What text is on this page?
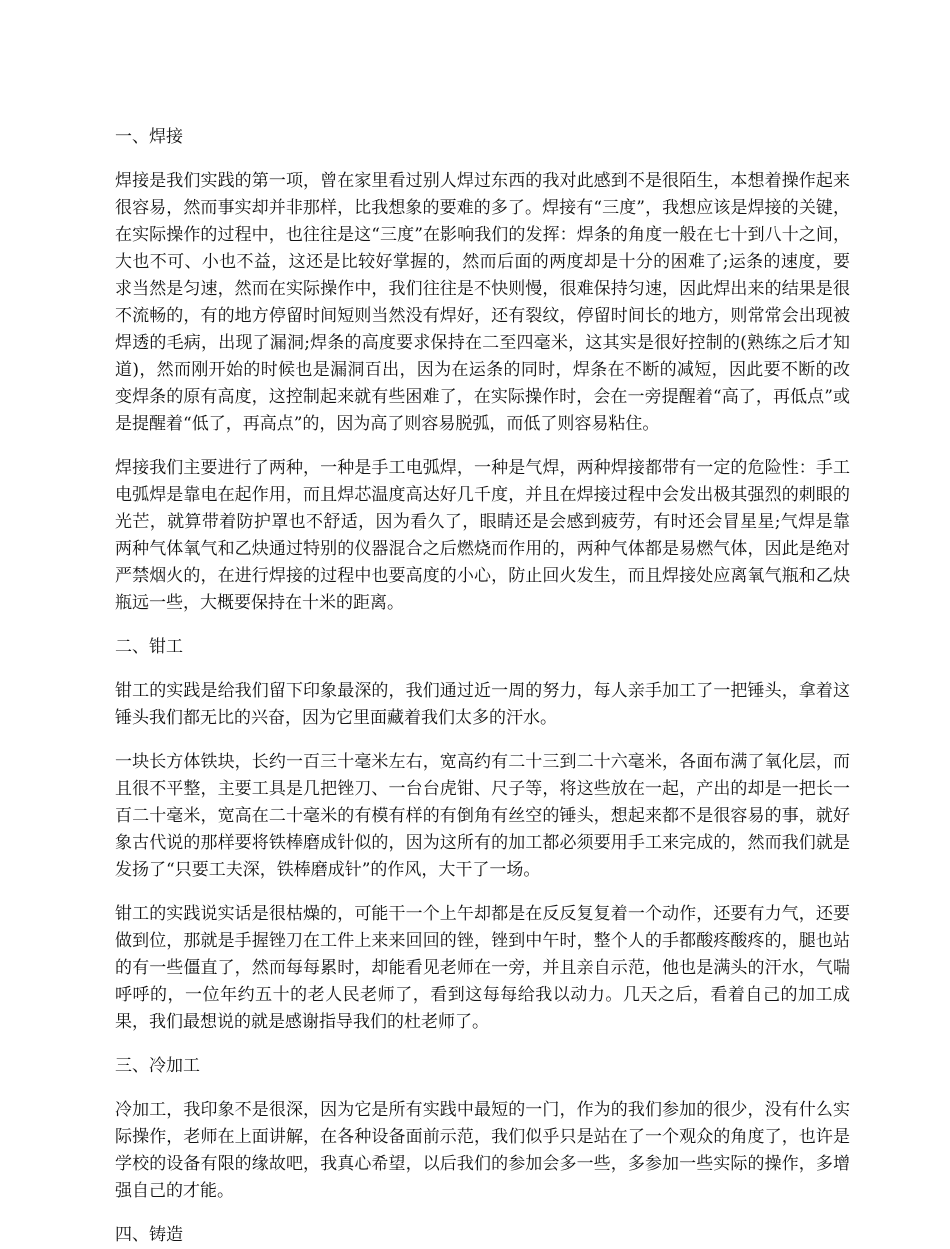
一、焊接
焊接是我们实践的第一项，曾在家里看过别人焊过东西的我对此感到不是很陌生，本想着操作起来很容易，然而事实却并非那样，比我想象的要难的多了。焊接有“三度”，我想应该是焊接的关键，在实际操作的过程中，也往往是这“三度”在影响我们的发挥：焊条的角度一般在七十到八十之间，大也不可、小也不益，这还是比较好掌握的，然而后面的两度却是十分的困难了;运条的速度，要求当然是匀速，然而在实际操作中，我们往往是不快则慢，很难保持匀速，因此焊出来的结果是很不流畅的，有的地方停留时间短则当然没有焊好，还有裂纹，停留时间长的地方，则常常会出现被焊透的毛病，出现了漏洞;焊条的高度要求保持在二至四毫米，这其实是很好控制的(熟练之后才知道)，然而刚开始的时候也是漏洞百出，因为在运条的同时，焊条在不断的减短，因此要不断的改变焊条的原有高度，这控制起来就有些困难了，在实际操作时，会在一旁提醒着“高了，再低点”或是提醒着“低了，再高点”的，因为高了则容易脱弧，而低了则容易粘住。
焊接我们主要进行了两种，一种是手工电弧焊，一种是气焊，两种焊接都带有一定的危险性：手工电弧焊是靠电在起作用，而且焊芯温度高达好几千度，并且在焊接过程中会发出极其强烈的刺眼的光芒，就算带着防护罩也不舒适，因为看久了，眼睛还是会感到疲劳，有时还会冒星星;气焊是靠两种气体氧气和乙炔通过特别的仪器混合之后燃烧而作用的，两种气体都是易燃气体，因此是绝对严禁烟火的，在进行焊接的过程中也要高度的小心，防止回火发生，而且焊接处应离氧气瓶和乙炔瓶远一些，大概要保持在十米的距离。
二、钳工
钳工的实践是给我们留下印象最深的，我们通过近一周的努力，每人亲手加工了一把锤头，拿着这锤头我们都无比的兴奋，因为它里面藏着我们太多的汗水。
一块长方体铁块，长约一百三十毫米左右，宽高约有二十三到二十六毫米，各面布满了氧化层，而且很不平整，主要工具是几把锉刀、一台台虎钳、尺子等，将这些放在一起，产出的却是一把长一百二十毫米，宽高在二十毫米的有模有样的有倒角有丝空的锤头，想起来都不是很容易的事，就好象古代说的那样要将铁棒磨成针似的，因为这所有的加工都必须要用手工来完成的，然而我们就是发扬了“只要工夫深，铁棒磨成针”的作风，大干了一场。
钳工的实践说实话是很枯燥的，可能干一个上午却都是在反反复复着一个动作，还要有力气，还要做到位，那就是手握锉刀在工件上来来回回的锉，锉到中午时，整个人的手都酸疼酸疼的，腿也站的有一些僵直了，然而每每累时，却能看见老师在一旁，并且亲自示范，他也是满头的汗水，气喘呼呼的，一位年约五十的老人民老师了，看到这每每给我以动力。几天之后，看着自己的加工成果，我们最想说的就是感谢指导我们的杜老师了。
三、冷加工
冷加工，我印象不是很深，因为它是所有实践中最短的一门，作为的我们参加的很少，没有什么实际操作，老师在上面讲解，在各种设备面前示范，我们似乎只是站在了一个观众的角度了，也许是学校的设备有限的缘故吧，我真心希望，以后我们的参加会多一些，多参加一些实际的操作，多增强自己的才能。
四、铸造
